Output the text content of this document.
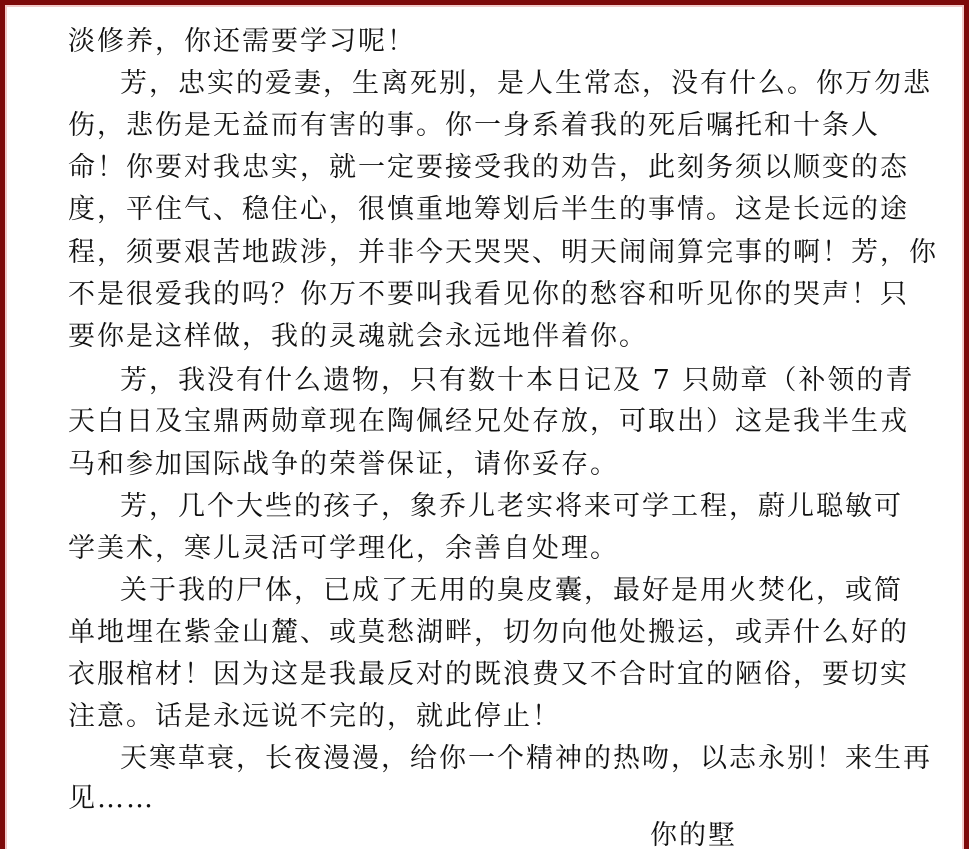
淡修养，你还需要学习呢！
芳，忠实的爱妻，生离死别，是人生常态，没有什么。你万勿悲
伤，悲伤是无益而有害的事。你一身系着我的死后嘱托和十条人
命！你要对我忠实，就一定要接受我的劝告，此刻务须以顺变的态
度，平住气、稳住心，很慎重地筹划后半生的事情。这是长远的途
程，须要艰苦地跋涉，并非今天哭哭、明天闹闹算完事的啊！芳，你
不是很爱我的吗？你万不要叫我看见你的愁容和听见你的哭声！只
要你是这样做，我的灵魂就会永远地伴着你。
芳，我没有什么遗物，只有数十本日记及 7 只勋章（补领的青
天白日及宝鼎两勋章现在陶佩经兄处存放，可取出）这是我半生戎
马和参加国际战争的荣誉保证，请你妥存。
芳，几个大些的孩子，象乔儿老实将来可学工程，蔚儿聪敏可
学美术，寒儿灵活可学理化，余善自处理。
关于我的尸体，已成了无用的臭皮囊，最好是用火焚化，或简
单地埋在紫金山麓、或莫愁湖畔，切勿向他处搬运，或弄什么好的
衣服棺材！因为这是我最反对的既浪费又不合时宜的陋俗，要切实
注意。话是永远说不完的，就此停止！
天寒草衰，长夜漫漫，给你一个精神的热吻，以志永别！来生再
见……
你的墅
